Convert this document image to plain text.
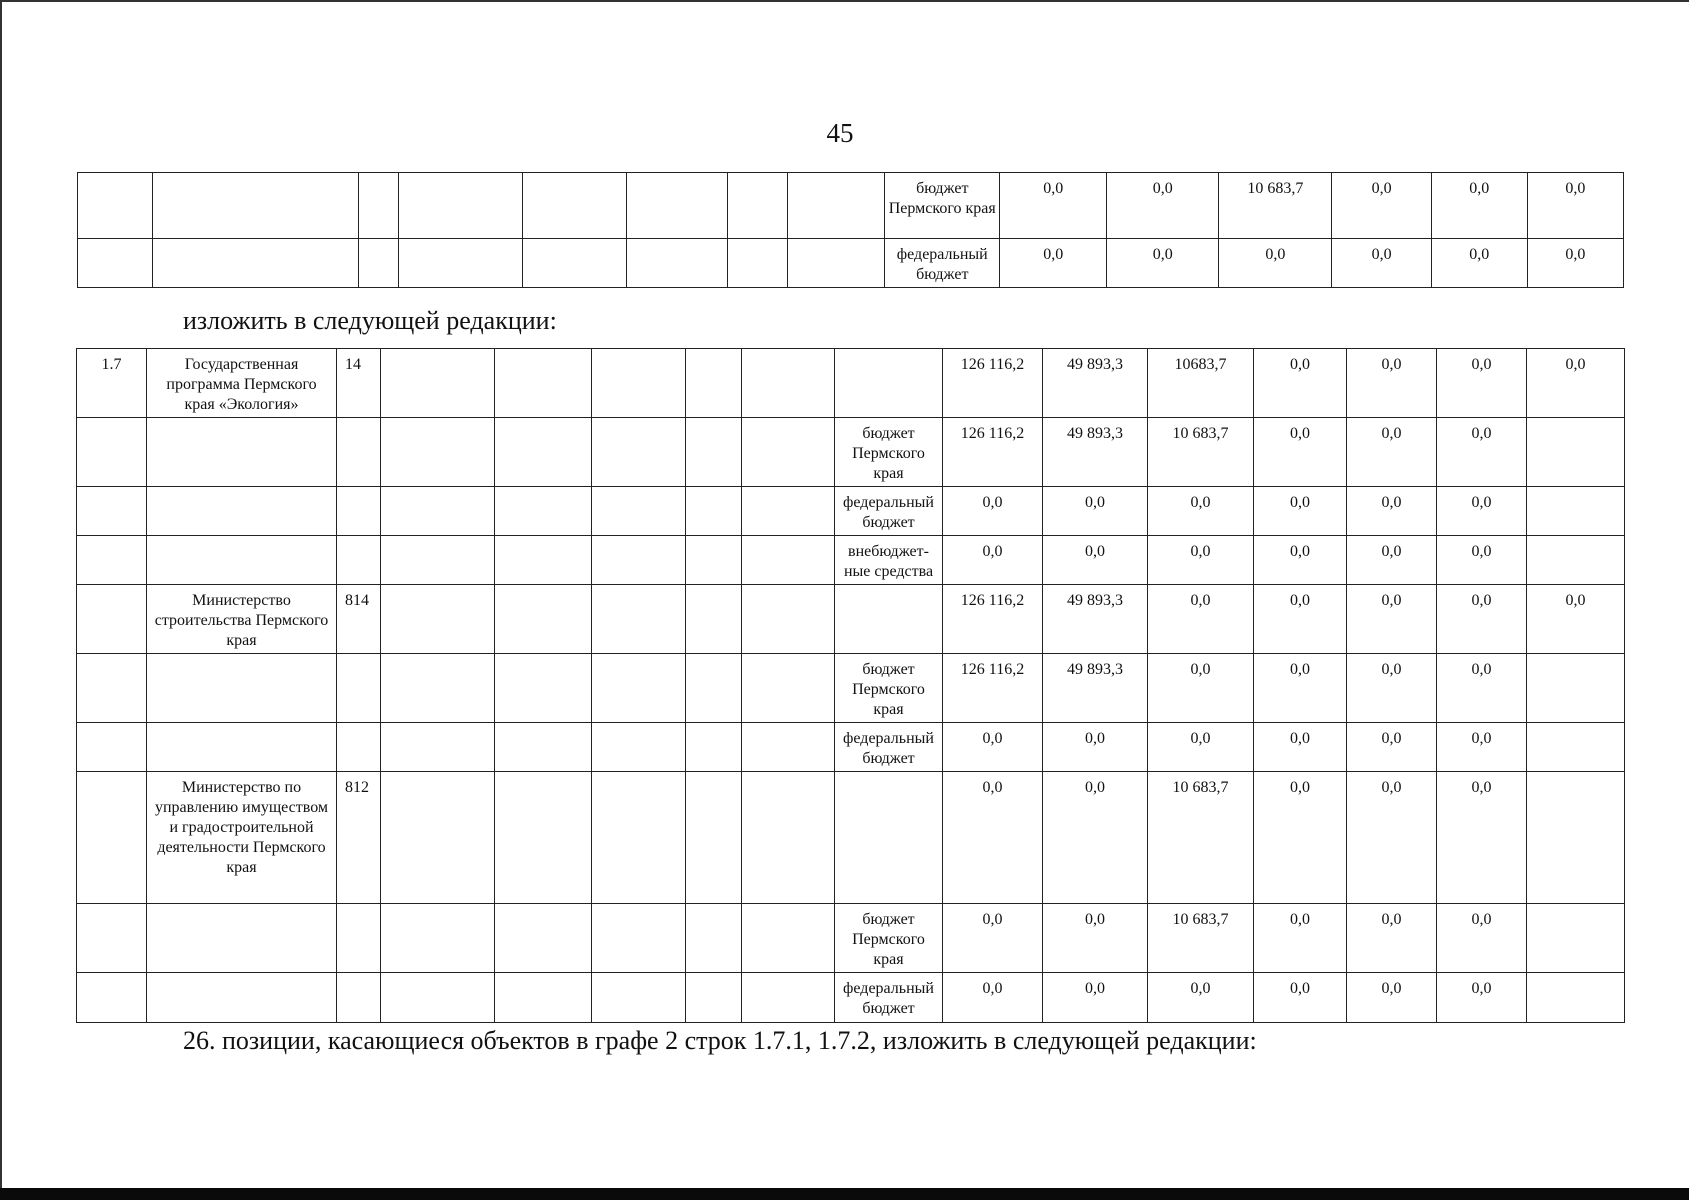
45
								бюджет Пермского края	0,0	0,0	10 683,7	0,0	0,0	0,0
								федеральный бюджет	0,0	0,0	0,0	0,0	0,0	0,0
изложить в следующей редакции:
1.7	Государственная программа Пермского края «Экология»	14							126 116,2	49 893,3	10683,7	0,0	0,0	0,0	0,0
								бюджет Пермского края	126 116,2	49 893,3	10 683,7	0,0	0,0	0,0	
								федеральный бюджет	0,0	0,0	0,0	0,0	0,0	0,0	
								внебюджет-ные средства	0,0	0,0	0,0	0,0	0,0	0,0	
	Министерство строительства Пермского края	814							126 116,2	49 893,3	0,0	0,0	0,0	0,0	0,0
								бюджет Пермского края	126 116,2	49 893,3	0,0	0,0	0,0	0,0	
								федеральный бюджет	0,0	0,0	0,0	0,0	0,0	0,0	
	Министерство по управлению имуществом и градостроительной деятельности Пермского края	812							0,0	0,0	10 683,7	0,0	0,0	0,0	
								бюджет Пермского края	0,0	0,0	10 683,7	0,0	0,0	0,0	
								федеральный бюджет	0,0	0,0	0,0	0,0	0,0	0,0	
26. позиции, касающиеся объектов в графе 2 строк 1.7.1, 1.7.2, изложить в следующей редакции:
